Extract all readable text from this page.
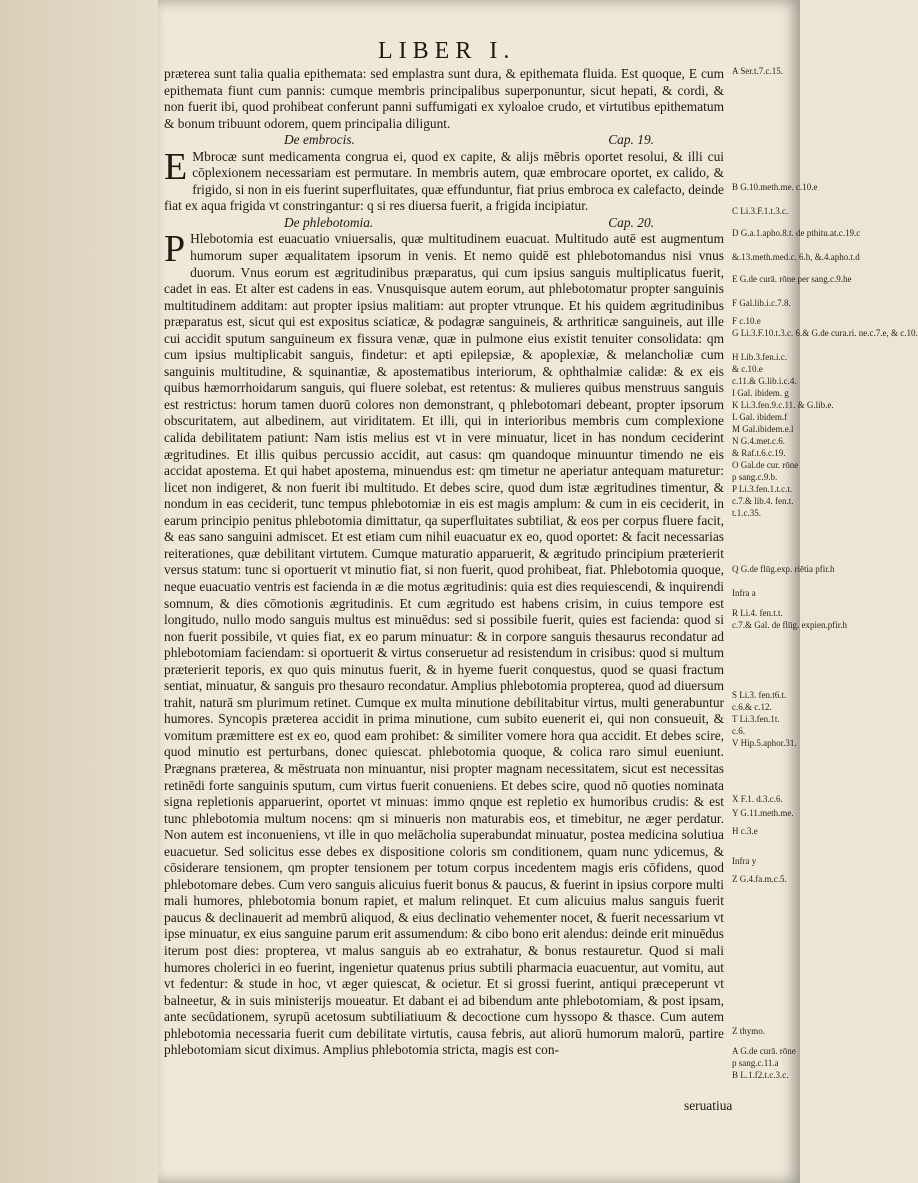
LIBER I.

præterea sunt talia qualia epithemata: sed emplastra sunt dura, & epithemata fluida. Est quoque, E cum epithemata fiunt cum pannis: cumque membris principalibus superponuntur, sicut hepati, & cordi, & non fuerit ibi, quod prohibeat conferunt panni suffumigati ex xyloaloe crudo, et virtutibus epithematum & bonum tribuunt odorem, quem principalia diligunt.

De embrocis.	Cap. 19.

E Mbrocæ sunt medicamenta congrua ei, quod ex capite, & alijs mēbris oportet resolui, & illi cui cōplexionem necessariam est permutare. In membris autem, quæ embrocare oportet, ex calido, & frigido, si non in eis fuerint superfluitates, quæ effunduntur, fiat prius embroca ex calefacto, deinde fiat ex aqua frigida vt constringantur: q si res diuersa fuerit, a frigida incipiatur.

De phlebotomia.	Cap. 20.

P Hlebotomia est euacuatio vniuersalis, quæ multitudinem euacuat. Multitudo autē est augmentum humorum super æqualitatem ipsorum in venis. Et nemo quidē est phlebotomandus nisi vnus duorum. Vnus eorum est ægritudinibus præparatus, qui cum ipsius sanguis multiplicatus fuerit, cadet in eas. Et alter est cadens in eas. Vnusquisque autem eorum, aut phlebotomatur propter sanguinis multitudinem additam: aut propter ipsius malitiam: aut propter vtrunque. Et his quidem ægritudinibus præparatus est, sicut qui est expositus sciaticæ, & podagræ sanguineis, & arthriticæ sanguineis, aut ille cui accidit sputum sanguineum ex fissura venæ, quæ in pulmone eius existit tenuiter consolidata: qm cum ipsius multiplicabit sanguis, findetur: et apti epilepsiæ, & apoplexiæ, & melancholiæ cum sanguinis multitudine, & squinantiæ, & apostematibus interiorum, & ophthalmiæ calidæ: & ex eis quibus hæmorrhoidarum sanguis, qui fluere solebat, est retentus: & mulieres quibus menstruus sanguis est restrictus: horum tamen duorū colores non demonstrant, q phlebotomari debeant, propter ipsorum obscuritatem, aut albedinem, aut viriditatem. Et illi, qui in interioribus membris cum complexione calida debilitatem patiunt: Nam istis melius est vt in vere minuatur, licet in has nondum ceciderint ægritudines. Et illis quibus percussio accidit, aut casus: qm quandoque minuuntur timendo ne eis accidat apostema. Et qui habet apostema, minuendus est: qm timetur ne aperiatur antequam maturetur: licet non indigeret, & non fuerit ibi multitudo. Et debes scire, quod dum istæ ægritudines timentur, & nondum in eas ceciderit, tunc tempus phlebotomiæ in eis est magis amplum: & cum in eis ceciderit, in earum principio penitus phlebotomia dimittatur, qa superfluitates subtiliat, & eos per corpus fluere facit, & eas sano sanguini admiscet. Et est etiam cum nihil euacuatur ex eo, quod oportet: & facit necessarias reiterationes, quæ debilitant virtutem. Cumque maturatio apparuerit, & ægritudo principium præterierit versus statum: tunc si oportuerit vt minutio fiat, si non fuerit, quod prohibeat, fiat. Phlebotomia quoque, neque euacuatio ventris est facienda in æ die motus ægritudinis: quia est dies requiescendi, & inquirendi somnum, & dies cōmotionis ægritudinis. Et cum ægritudo est habens crisim, in cuius tempore est longitudo, nullo modo sanguis multus est minuēdus: sed si possibile fuerit, quies est facienda: quod si non fuerit possibile, vt quies fiat, ex eo parum minuatur: & in corpore sanguis thesaurus recondatur ad phlebotomiam faciendam: si oportuerit & virtus conseruetur ad resistendum in crisibus: quod si multum præterierit teporis, ex quo quis minutus fuerit, & in hyeme fuerit conquestus, quod se quasi fractum sentiat, minuatur, & sanguis pro thesauro recondatur. Amplius phlebotomia propterea, quod ad diuersum trahit, naturā sm plurimum retinet. Cumque ex multa minutione debilitabitur virtus, multi generabuntur humores. Syncopis præterea accidit in prima minutione, cum subito euenerit ei, qui non consueuit, & vomitum præmittere est ex eo, quod eam prohibet: & similiter vomere hora qua accidit. Et debes scire, quod minutio est perturbans, donec quiescat. phlebotomia quoque, & colica raro simul eueniunt. Prægnans præterea, & mēstruata non minuantur, nisi propter magnam necessitatem, sicut est necessitas retinēdi forte sanguinis sputum, cum virtus fuerit conueniens. Et debes scire, quod nō quoties nominata signa repletionis apparuerint, oportet vt minuas: immo qnque est repletio ex humoribus crudis: & est tunc phlebotomia multum nocens: qm si minueris non maturabis eos, et timebitur, ne æger perdatur. Non autem est inconueniens, vt ille in quo melācholia superabundat minuatur, postea medicina solutiua euacuetur. Sed solicitus esse debes ex dispositione coloris sm conditionem, quam nunc ydicemus, & cōsiderare tensionem, qm propter tensionem per totum corpus incedentem magis eris cōfidens, quod phlebotomare debes. Cum vero sanguis alicuius fuerit bonus & paucus, & fuerint in ipsius corpore multi mali humores, phlebotomia bonum rapiet, et malum relinquet. Et cum alicuius malus sanguis fuerit paucus & declinauerit ad membrū aliquod, & eius declinatio vehementer nocet, & fuerit necessarium vt ipse minuatur, ex eius sanguine parum erit assumendum: & cibo bono erit alendus: deinde erit minuēdus iterum post dies: propterea, vt malus sanguis ab eo extrahatur, & bonus restauretur. Quod si mali humores cholerici in eo fuerint, ingenietur quatenus prius subtili pharmacia euacuentur, aut vomitu, aut vt fedentur: & stude in hoc, vt æger quiescat, & ocietur. Et si grossi fuerint, antiqui præceperunt vt balneetur, & in suis ministerijs moueatur. Et dabant ei ad bibendum ante phlebotomiam, & post ipsam, ante secūdationem, syrupū acetosum subtiliatiuum & decoctione cum hyssopo & thasce. Cum autem phlebotomia necessaria fuerit cum debilitate virtutis, causa febris, aut aliorū humorum malorū, partire phlebotomiam sicut diximus. Amplius phlebotomia stricta, magis est con-

A Ser.t.7.c.15.
B G.10.meth.me. c.10.e
C Li.3.F.1.t.3.c.
D G.a.1.apho.8.t. de pthitu.at.c.19.c
&.13.meth.med.c. 6.h, &.4.apho.t.d
E G.de curā. rōne per sang.c.9.he
F Gal.lib.i.c.7.8.
F c.10.e
G Li.3.F.10.t.3.c. 6.& G.de cura.ri. ne.c.7.e, & c.10.
H Lib.3.fen.i.c.
& c.10.e
c.11.& G.lib.i.c.4.
I Gal. ibidem. g
K Li.3.fen.9.c.11. & G.lib.e.
L Gal. ibidem.f
M Gal.ibidem.e.l
N G.4.met.c.6.
& Raf.t.6.c.19.
O Gal.de cur. rōne
p sang.c.9.b.
P Li.3.fen.1.t.c.t.
c.7.& lib.4. fen.t.
t.1.c.35.
Q G.de flūg.exp. riētia pfir.h
Infra a
R Li.4. fen.t.t.
c.7.& Gal. de flūg. expien.pfir.h
S Li.3. fen.t6.t.
c.6.& c.12.
T Li.3.fen.1t.
c.6.
V Hip.5.aphor.31.
X F.1. d.3.c.6.
Y G.11.meth.me.
H c.3.e
Infra y
Z G.4.fa.m.c.5.
Z thymo.
A G.de curā. rōne
p sang.c.11.a
B L.1.f2.t.c.3.c.
seruatiua
